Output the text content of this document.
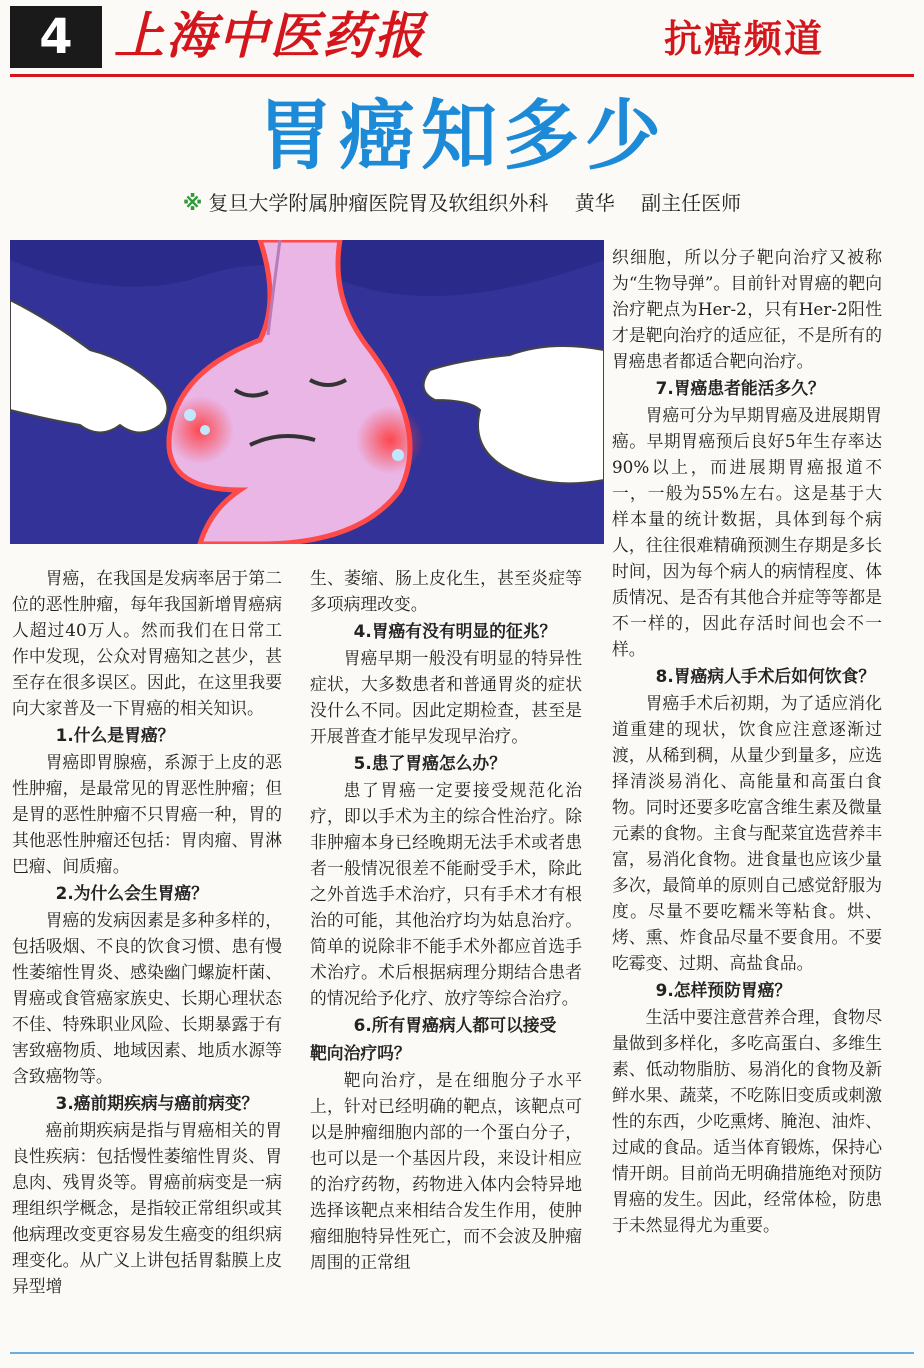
4 上海中医药报	抗癌频道
胃癌知多少
※ 复旦大学附属肿瘤医院胃及软组织外科　 黄华　 副主任医师

胃癌，在我国是发病率居于第二位的恶性肿瘤，每年我国新增胃癌病人超过40万人。然而我们在日常工作中发现，公众对胃癌知之甚少，甚至存在很多误区。因此，在这里我要向大家普及一下胃癌的相关知识。

1.什么是胃癌？

胃癌即胃腺癌，系源于上皮的恶性肿瘤，是最常见的胃恶性肿瘤；但是胃的恶性肿瘤不只胃癌一种，胃的其他恶性肿瘤还包括：胃肉瘤、胃淋巴瘤、间质瘤。

2.为什么会生胃癌？

胃癌的发病因素是多种多样的，包括吸烟、不良的饮食习惯、患有慢性萎缩性胃炎、感染幽门螺旋杆菌、胃癌或食管癌家族史、长期心理状态不佳、特殊职业风险、长期暴露于有害致癌物质、地域因素、地质水源等含致癌物等。

3.癌前期疾病与癌前病变？

癌前期疾病是指与胃癌相关的胃良性疾病：包括慢性萎缩性胃炎、胃息肉、残胃炎等。胃癌前病变是一病理组织学概念，是指较正常组织或其他病理改变更容易发生癌变的组织病理变化。从广义上讲包括胃黏膜上皮异型增

生、萎缩、肠上皮化生，甚至炎症等多项病理改变。

4.胃癌有没有明显的征兆？

胃癌早期一般没有明显的特异性症状，大多数患者和普通胃炎的症状没什么不同。因此定期检查，甚至是开展普查才能早发现早治疗。

5.患了胃癌怎么办？

患了胃癌一定要接受规范化治疗，即以手术为主的综合性治疗。除非肿瘤本身已经晚期无法手术或者患者一般情况很差不能耐受手术，除此之外首选手术治疗，只有手术才有根治的可能，其他治疗均为姑息治疗。简单的说除非不能手术外都应首选手术治疗。术后根据病理分期结合患者的情况给予化疗、放疗等综合治疗。

6.所有胃癌病人都可以接受
靶向治疗吗？

靶向治疗，是在细胞分子水平上，针对已经明确的靶点，该靶点可以是肿瘤细胞内部的一个蛋白分子，也可以是一个基因片段，来设计相应的治疗药物，药物进入体内会特异地选择该靶点来相结合发生作用，使肿瘤细胞特异性死亡，而不会波及肿瘤周围的正常组

织细胞，所以分子靶向治疗又被称为“生物导弹”。目前针对胃癌的靶向治疗靶点为Her-2，只有Her-2阳性才是靶向治疗的适应征，不是所有的胃癌患者都适合靶向治疗。

7.胃癌患者能活多久？

胃癌可分为早期胃癌及进展期胃癌。早期胃癌预后良好5年生存率达90%以上，而进展期胃癌报道不一，一般为55%左右。这是基于大样本量的统计数据，具体到每个病人，往往很难精确预测生存期是多长时间，因为每个病人的病情程度、体质情况、是否有其他合并症等等都是不一样的，因此存活时间也会不一样。

8.胃癌病人手术后如何饮食？

胃癌手术后初期，为了适应消化道重建的现状，饮食应注意逐渐过渡，从稀到稠，从量少到量多，应选择清淡易消化、高能量和高蛋白食物。同时还要多吃富含维生素及微量元素的食物。主食与配菜宜选营养丰富，易消化食物。进食量也应该少量多次，最简单的原则自己感觉舒服为度。尽量不要吃糯米等粘食。烘、烤、熏、炸食品尽量不要食用。不要吃霉变、过期、高盐食品。

9.怎样预防胃癌？

生活中要注意营养合理，食物尽量做到多样化，多吃高蛋白、多维生素、低动物脂肪、易消化的食物及新鲜水果、蔬菜，不吃陈旧变质或刺激性的东西，少吃熏烤、腌泡、油炸、过咸的食品。适当体育锻炼，保持心情开朗。目前尚无明确措施绝对预防胃癌的发生。因此，经常体检，防患于未然显得尤为重要。
